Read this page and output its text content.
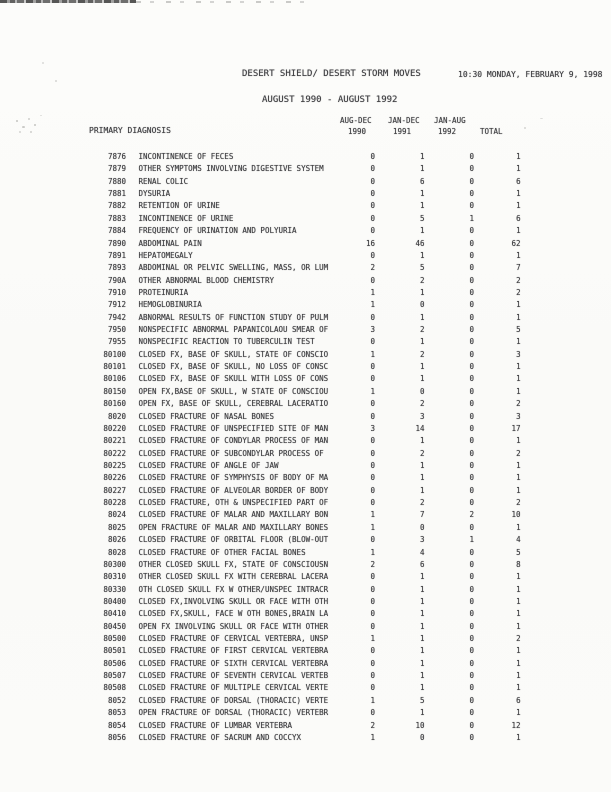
DESERT SHIELD/ DESERT STORM MOVES	10:30 MONDAY, FEBRUARY 9, 1998
AUGUST 1990 - AUGUST 1992
PRIMARY DIAGNOSIS
AUG-DEC JAN-DEC JAN-AUG
1990	1991	1992	TOTAL
7876 INCONTINENCE OF FECES	0	1	0	1
7879 OTHER SYMPTOMS INVOLVING DIGESTIVE SYSTEM	0	1	0	1
7880 RENAL COLIC	0	6	0	6
7881 DYSURIA	0	1	0	1
7882 RETENTION OF URINE	0	1	0	1
7883 INCONTINENCE OF URINE	0	5	1	6
7884 FREQUENCY OF URINATION AND POLYURIA	0	1	0	1
7890 ABDOMINAL PAIN	16	46	0	62
7891 HEPATOMEGALY	0	1	0	1
7893 ABDOMINAL OR PELVIC SWELLING, MASS, OR LUM	2	5	0	7
790A OTHER ABNORMAL BLOOD CHEMISTRY	0	2	0	2
7910 PROTEINURIA	1	1	0	2
7912 HEMOGLOBINURIA	1	0	0	1
7942 ABNORMAL RESULTS OF FUNCTION STUDY OF PULM	0	1	0	1
7950 NONSPECIFIC ABNORMAL PAPANICOLAOU SMEAR OF	3	2	0	5
7955 NONSPECIFIC REACTION TO TUBERCULIN TEST	0	1	0	1
80100 CLOSED FX, BASE OF SKULL, STATE OF CONSCIO	1	2	0	3
80101 CLOSED FX, BASE OF SKULL, NO LOSS OF CONSC	0	1	0	1
80106 CLOSED FX, BASE OF SKULL WITH LOSS OF CONS	0	1	0	1
80150 OPEN FX,BASE OF SKULL, W STATE OF CONSCIOU	1	0	0	1
80160 OPEN FX, BASE OF SKULL, CEREBRAL LACERATIO	0	2	0	2
8020 CLOSED FRACTURE OF NASAL BONES	0	3	0	3
80220 CLOSED FRACTURE OF UNSPECIFIED SITE OF MAN	3	14	0	17
80221 CLOSED FRACTURE OF CONDYLAR PROCESS OF MAN	0	1	0	1
80222 CLOSED FRACTURE OF SUBCONDYLAR PROCESS OF	0	2	0	2
80225 CLOSED FRACTURE OF ANGLE OF JAW	0	1	0	1
80226 CLOSED FRACTURE OF SYMPHYSIS OF BODY OF MA	0	1	0	1
80227 CLOSED FRACTURE OF ALVEOLAR BORDER OF BODY	0	1	0	1
80228 CLOSED FRACTURE, OTH & UNSPECIFIED PART OF	0	2	0	2
8024 CLOSED FRACTURE OF MALAR AND MAXILLARY BON	1	7	2	10
8025 OPEN FRACTURE OF MALAR AND MAXILLARY BONES	1	0	0	1
8026 CLOSED FRACTURE OF ORBITAL FLOOR (BLOW-OUT	0	3	1	4
8028 CLOSED FRACTURE OF OTHER FACIAL BONES	1	4	0	5
80300 OTHER CLOSED SKULL FX, STATE OF CONSCIOUSN	2	6	0	8
80310 OTHER CLOSED SKULL FX WITH CEREBRAL LACERA	0	1	0	1
80330 OTH CLOSED SKULL FX W OTHER/UNSPEC INTRACR	0	1	0	1
80400 CLOSED FX,INVOLVING SKULL OR FACE WITH OTH	0	1	0	1
80410 CLOSED FX,SKULL, FACE W OTH BONES,BRAIN LA	0	1	0	1
80450 OPEN FX INVOLVING SKULL OR FACE WITH OTHER	0	1	0	1
80500 CLOSED FRACTURE OF CERVICAL VERTEBRA, UNSP	1	1	0	2
80501 CLOSED FRACTURE OF FIRST CERVICAL VERTEBRA	0	1	0	1
80506 CLOSED FRACTURE OF SIXTH CERVICAL VERTEBRA	0	1	0	1
80507 CLOSED FRACTURE OF SEVENTH CERVICAL VERTEB	0	1	0	1
80508 CLOSED FRACTURE OF MULTIPLE CERVICAL VERTE	0	1	0	1
8052 CLOSED FRACTURE OF DORSAL (THORACIC) VERTE	1	5	0	6
8053 OPEN FRACTURE OF DORSAL (THORACIC) VERTEBR	0	1	0	1
8054 CLOSED FRACTURE OF LUMBAR VERTEBRA	2	10	0	12
8056 CLOSED FRACTURE OF SACRUM AND COCCYX	1	0	0	1
